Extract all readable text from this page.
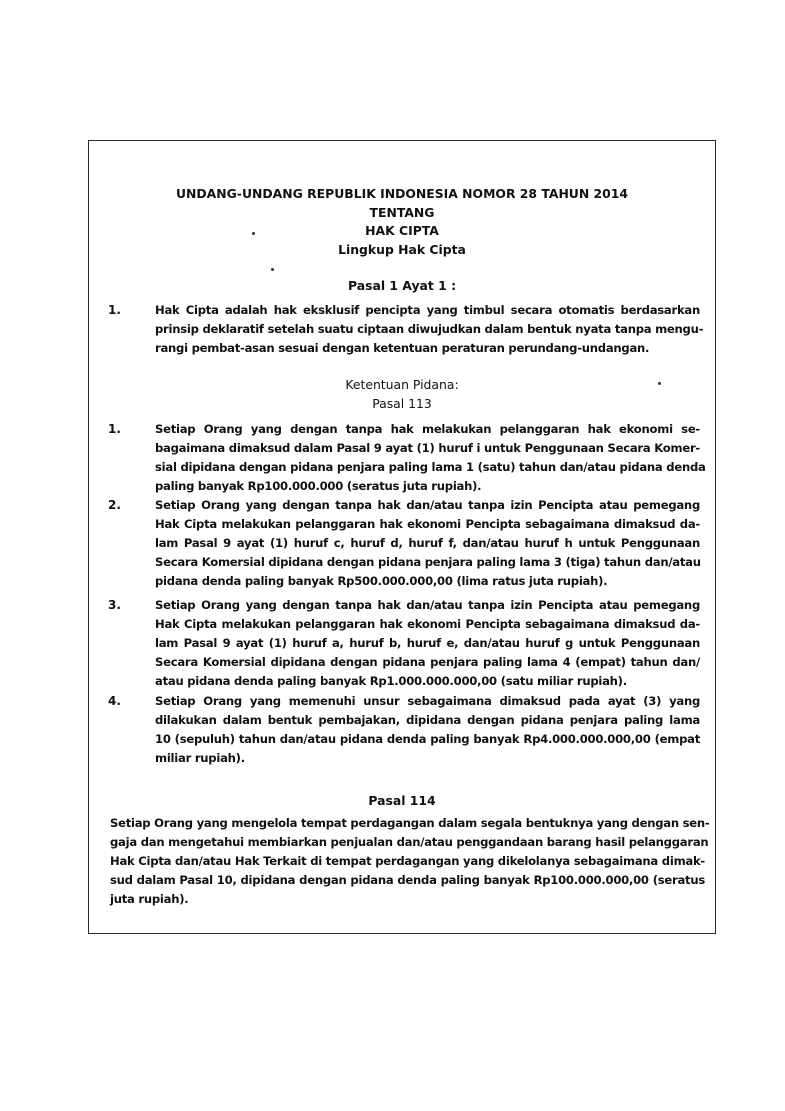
UNDANG-UNDANG REPUBLIK INDONESIA NOMOR 28 TAHUN 2014
TENTANG
HAK CIPTA
Lingkup Hak Cipta
Pasal 1 Ayat 1 :
1.	Hak Cipta adalah hak eksklusif pencipta yang timbul secara otomatis berdasarkan
prinsip deklaratif setelah suatu ciptaan diwujudkan dalam bentuk nyata tanpa mengu-
rangi pembat-asan sesuai dengan ketentuan peraturan perundang-undangan.
Ketentuan Pidana:
Pasal 113
1.	Setiap Orang yang dengan tanpa hak melakukan pelanggaran hak ekonomi se-
bagaimana dimaksud dalam Pasal 9 ayat (1) huruf i untuk Penggunaan Secara Komer-
sial dipidana dengan pidana penjara paling lama 1 (satu) tahun dan/atau pidana denda
paling banyak Rp100.000.000 (seratus juta rupiah).
2.	Setiap Orang yang dengan tanpa hak dan/atau tanpa izin Pencipta atau pemegang
Hak Cipta melakukan pelanggaran hak ekonomi Pencipta sebagaimana dimaksud da-
lam Pasal 9 ayat (1) huruf c, huruf d, huruf f, dan/atau huruf h untuk Penggunaan
Secara Komersial dipidana dengan pidana penjara paling lama 3 (tiga) tahun dan/atau
pidana denda paling banyak Rp500.000.000,00 (lima ratus juta rupiah).
3.	Setiap Orang yang dengan tanpa hak dan/atau tanpa izin Pencipta atau pemegang
Hak Cipta melakukan pelanggaran hak ekonomi Pencipta sebagaimana dimaksud da-
lam Pasal 9 ayat (1) huruf a, huruf b, huruf e, dan/atau huruf g untuk Penggunaan
Secara Komersial dipidana dengan pidana penjara paling lama 4 (empat) tahun dan/
atau pidana denda paling banyak Rp1.000.000.000,00 (satu miliar rupiah).
4.	Setiap Orang yang memenuhi unsur sebagaimana dimaksud pada ayat (3) yang
dilakukan dalam bentuk pembajakan, dipidana dengan pidana penjara paling lama
10 (sepuluh) tahun dan/atau pidana denda paling banyak Rp4.000.000.000,00 (empat
miliar rupiah).
Pasal 114
Setiap Orang yang mengelola tempat perdagangan dalam segala bentuknya yang dengan sen-
gaja dan mengetahui membiarkan penjualan dan/atau penggandaan barang hasil pelanggaran
Hak Cipta dan/atau Hak Terkait di tempat perdagangan yang dikelolanya sebagaimana dimak-
sud dalam Pasal 10, dipidana dengan pidana denda paling banyak Rp100.000.000,00 (seratus
juta rupiah).
